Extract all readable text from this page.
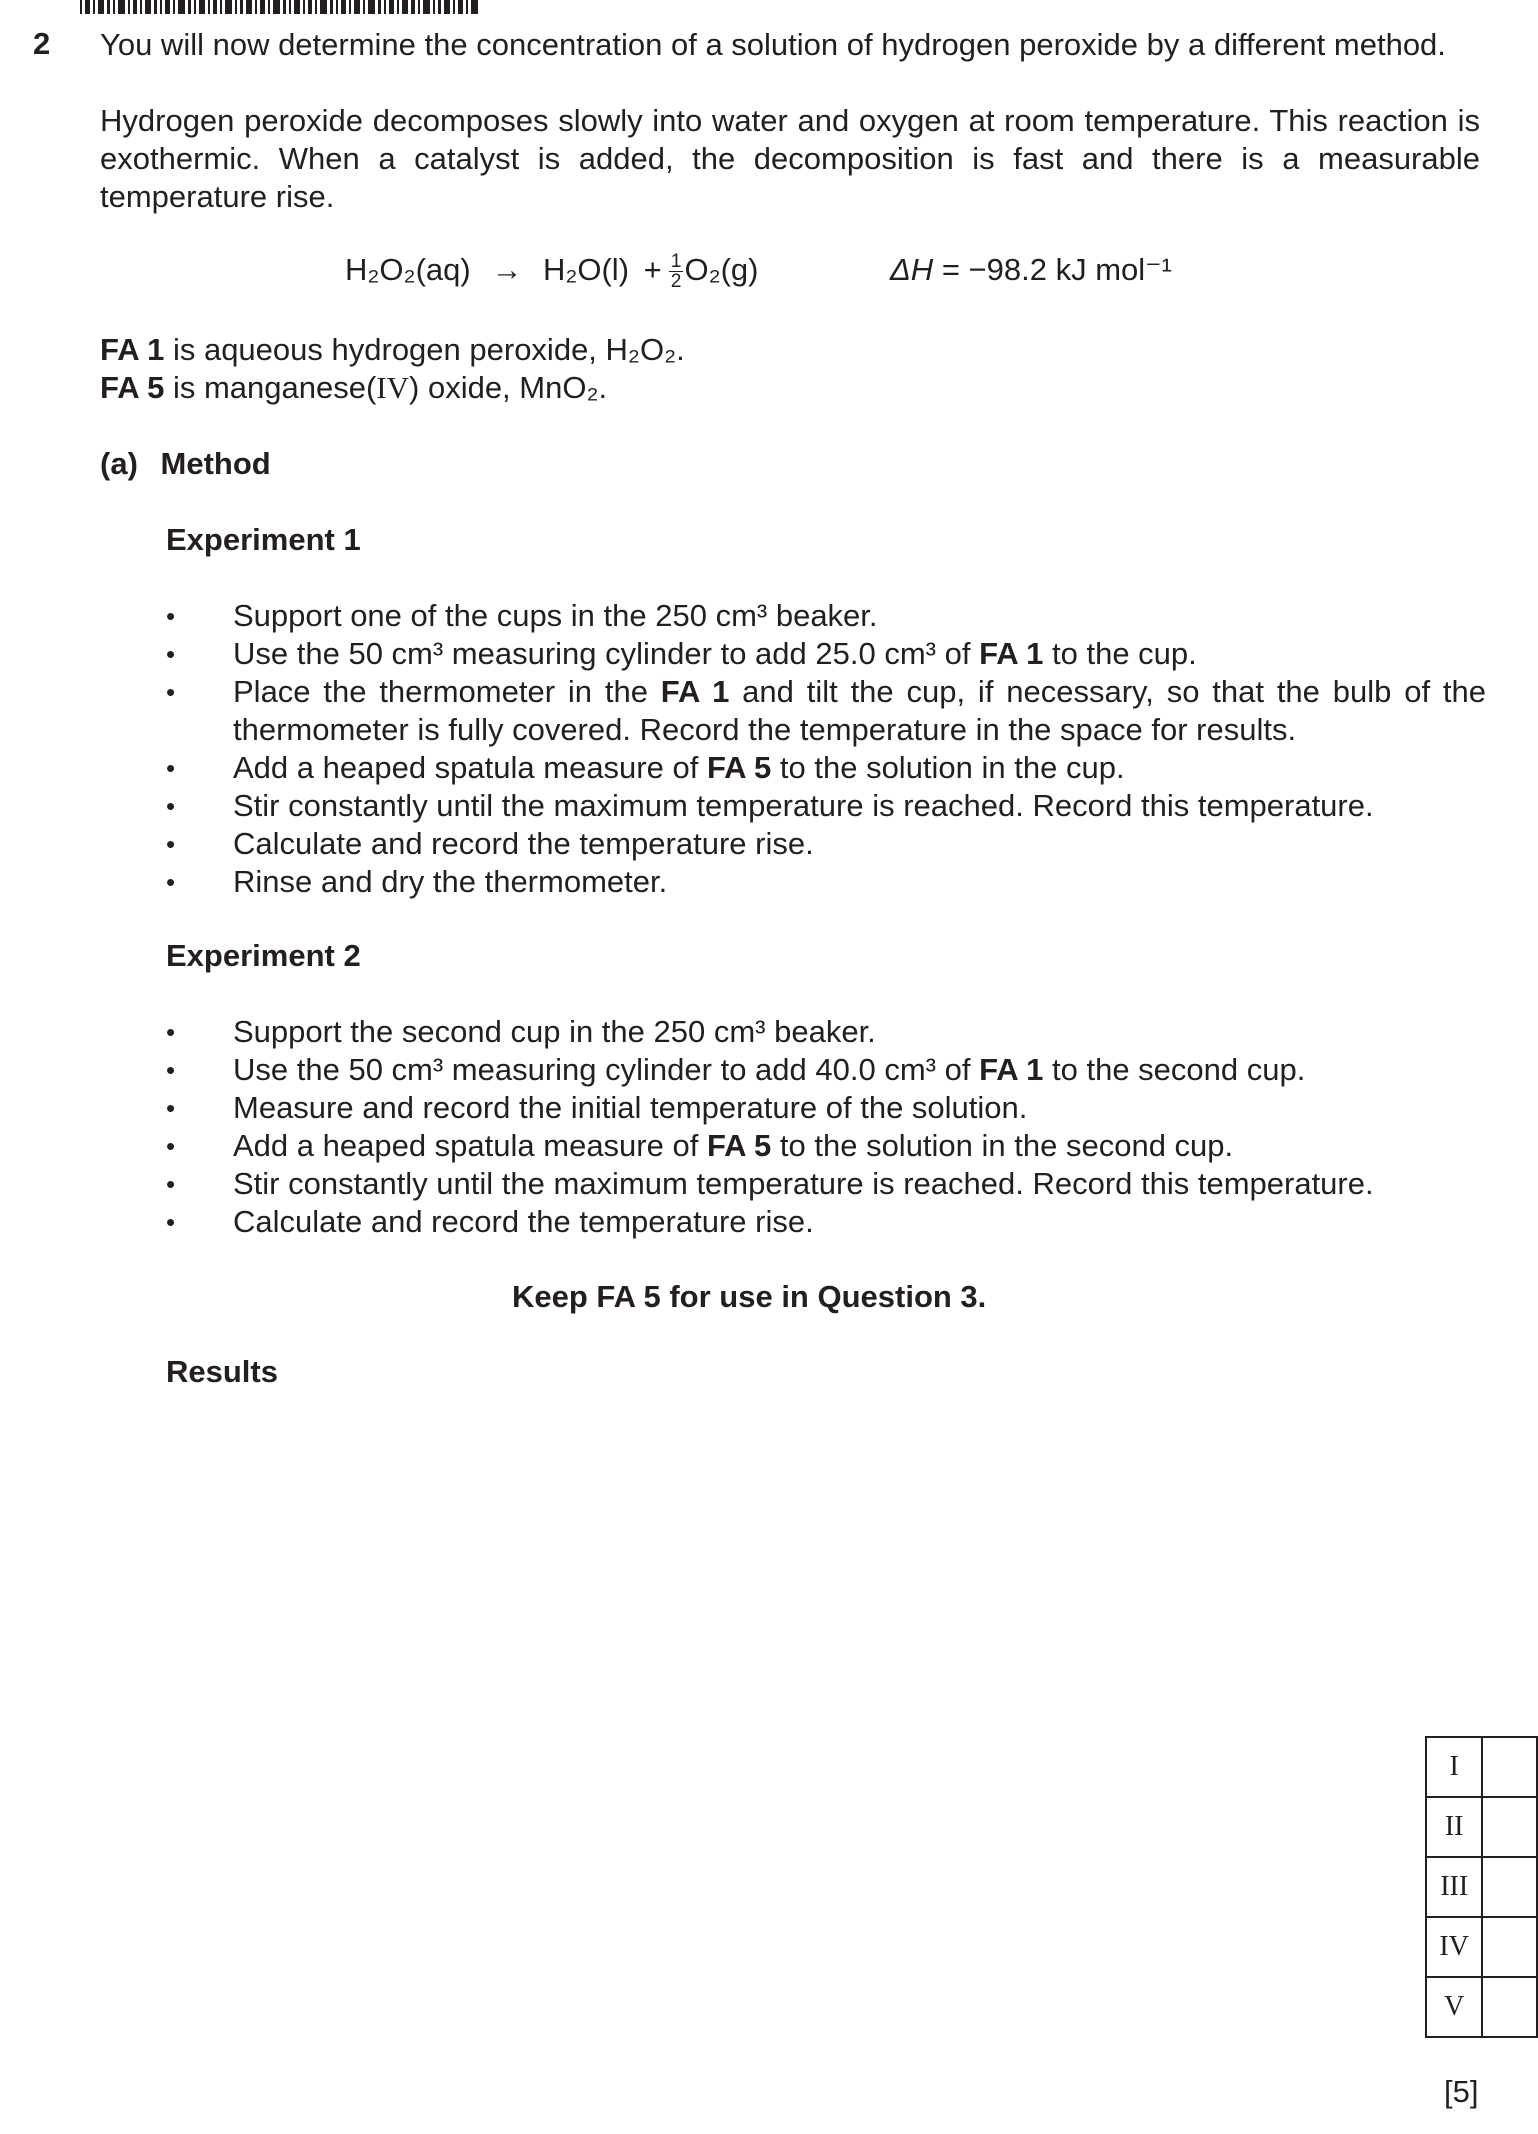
2 You will now determine the concentration of a solution of hydrogen peroxide by a different method.
Hydrogen peroxide decomposes slowly into water and oxygen at room temperature. This reaction is exothermic. When a catalyst is added, the decomposition is fast and there is a measurable temperature rise.
$H_2O_2(aq) \to H_2O(l) + \frac{1}{2} O_2(g)$	ΔH = −98.2 kJ mol⁻¹
FA 1 is aqueous hydrogen peroxide, H₂O₂.
FA 5 is manganese(IV) oxide, MnO₂.
(a) Method
Experiment 1
• Support one of the cups in the 250 cm³ beaker.
• Use the 50 cm³ measuring cylinder to add 25.0 cm³ of FA 1 to the cup.
• Place the thermometer in the FA 1 and tilt the cup, if necessary, so that the bulb of the thermometer is fully covered. Record the temperature in the space for results.
• Add a heaped spatula measure of FA 5 to the solution in the cup.
• Stir constantly until the maximum temperature is reached. Record this temperature.
• Calculate and record the temperature rise.
• Rinse and dry the thermometer.
Experiment 2
• Support the second cup in the 250 cm³ beaker.
• Use the 50 cm³ measuring cylinder to add 40.0 cm³ of FA 1 to the second cup.
• Measure and record the initial temperature of the solution.
• Add a heaped spatula measure of FA 5 to the solution in the second cup.
• Stir constantly until the maximum temperature is reached. Record this temperature.
• Calculate and record the temperature rise.
Keep FA 5 for use in Question 3.
Results
I	
II	
III	
IV	
V	
[5]
